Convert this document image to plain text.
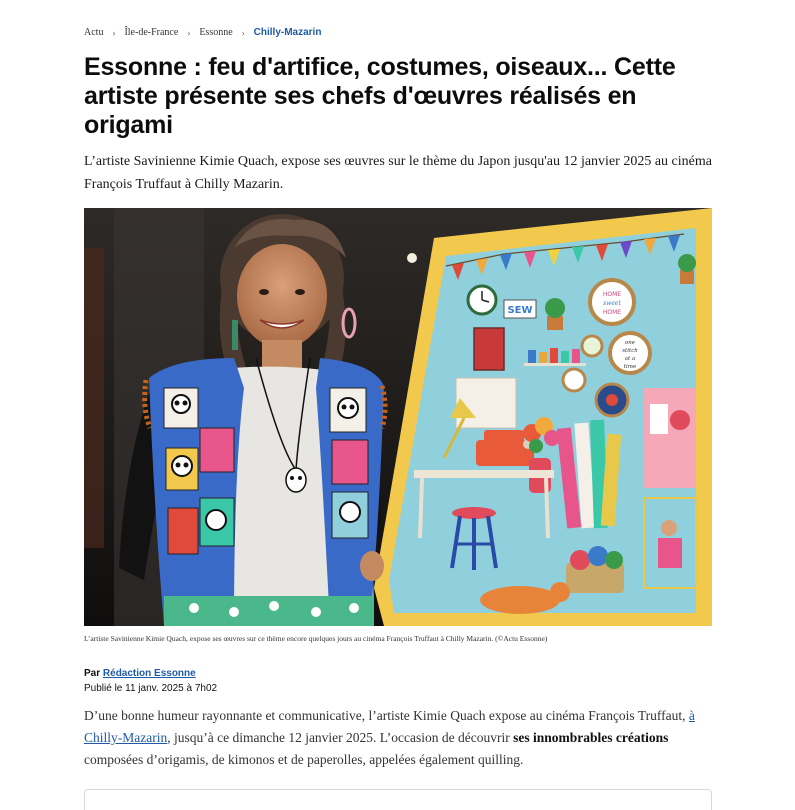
Actu › Île-de-France › Essonne › Chilly-Mazarin
Essonne : feu d'artifice, costumes, oiseaux... Cette artiste présente ses chefs d'œuvres réalisés en origami

L’artiste Savinienne Kimie Quach, expose ses œuvres sur le thème du Japon jusqu'au 12 janvier 2025 au cinéma François Truffaut à Chilly Mazarin.

SEW
HOME
sweet
HOME
one
stitch
at a
time
L’artiste Savinienne Kimie Quach, expose ses œuvres sur ce thème encore quelques jours au cinéma François Truffaut à Chilly Mazarin. (©Actu Essonne)
Par Rédaction Essonne
Publié le 11 janv. 2025 à 7h02

D’une bonne humeur rayonnante et communicative, l’artiste Kimie Quach expose au cinéma François Truffaut, à Chilly-Mazarin, jusqu’à ce dimanche 12 janvier 2025. L’occasion de découvrir ses innombrables créations composées d’origamis, de kimonos et de paperolles, appelées également quilling.
